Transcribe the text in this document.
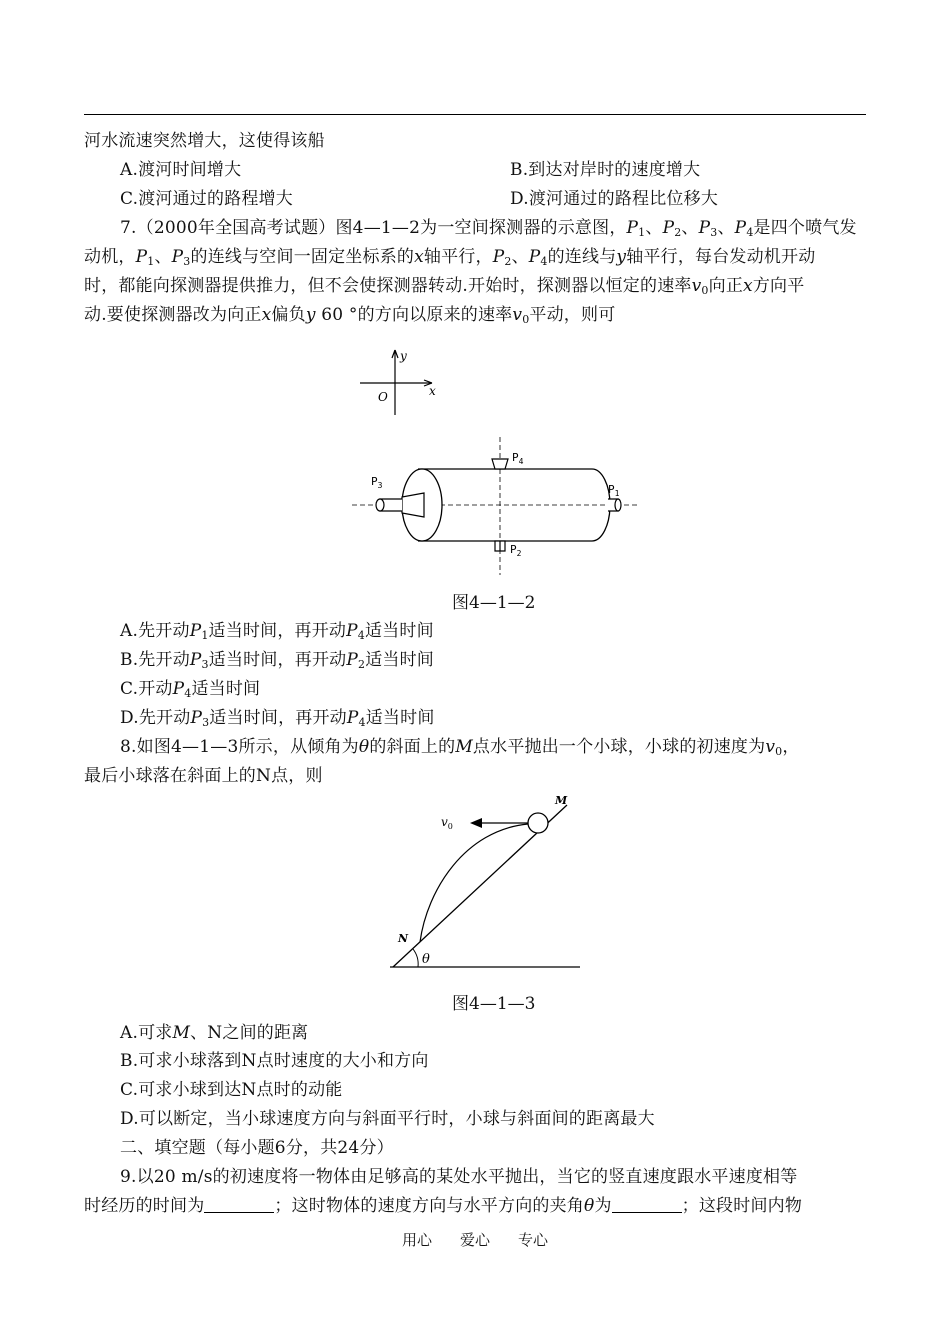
河水流速突然增大，这使得该船
A.渡河时间增大	B.到达对岸时的速度增大
C.渡河通过的路程增大	D.渡河通过的路程比位移大
7.（2000年全国高考试题）图4—1—2为一空间探测器的示意图，$P_1$、$P_2$、$P_3$、$P_4$是四个喷气发
动机，$P_1$、$P_3$的连线与空间一固定坐标系的x轴平行，$P_2$、$P_4$的连线与y轴平行，每台发动机开动
时，都能向探测器提供推力，但不会使探测器转动.开始时，探测器以恒定的速率$v_0$向正x方向平
动.要使探测器改为向正x偏负y 60 °的方向以原来的速率$v_0$平动，则可
y
x
O
$P_4$
$P_3$	$P_1$
$P_2$
图4—1—2
A.先开动$P_1$适当时间，再开动$P_4$适当时间
B.先开动$P_3$适当时间，再开动$P_2$适当时间
C.开动$P_4$适当时间
D.先开动$P_3$适当时间，再开动$P_4$适当时间
8.如图4—1—3所示，从倾角为θ的斜面上的M点水平抛出一个小球，小球的初速度为$v_0$，
最后小球落在斜面上的N点，则
$v_0$
M
N
θ
图4—1—3
A.可求M、N之间的距离
B.可求小球落到N点时速度的大小和方向
C.可求小球到达N点时的动能
D.可以断定，当小球速度方向与斜面平行时，小球与斜面间的距离最大
二、填空题（每小题6分，共24分）
9.以20 m/s的初速度将一物体由足够高的某处水平抛出，当它的竖直速度跟水平速度相等
时经历的时间为	；这时物体的速度方向与水平方向的夹角θ为	；这段时间内物
用心 爱心 专心
